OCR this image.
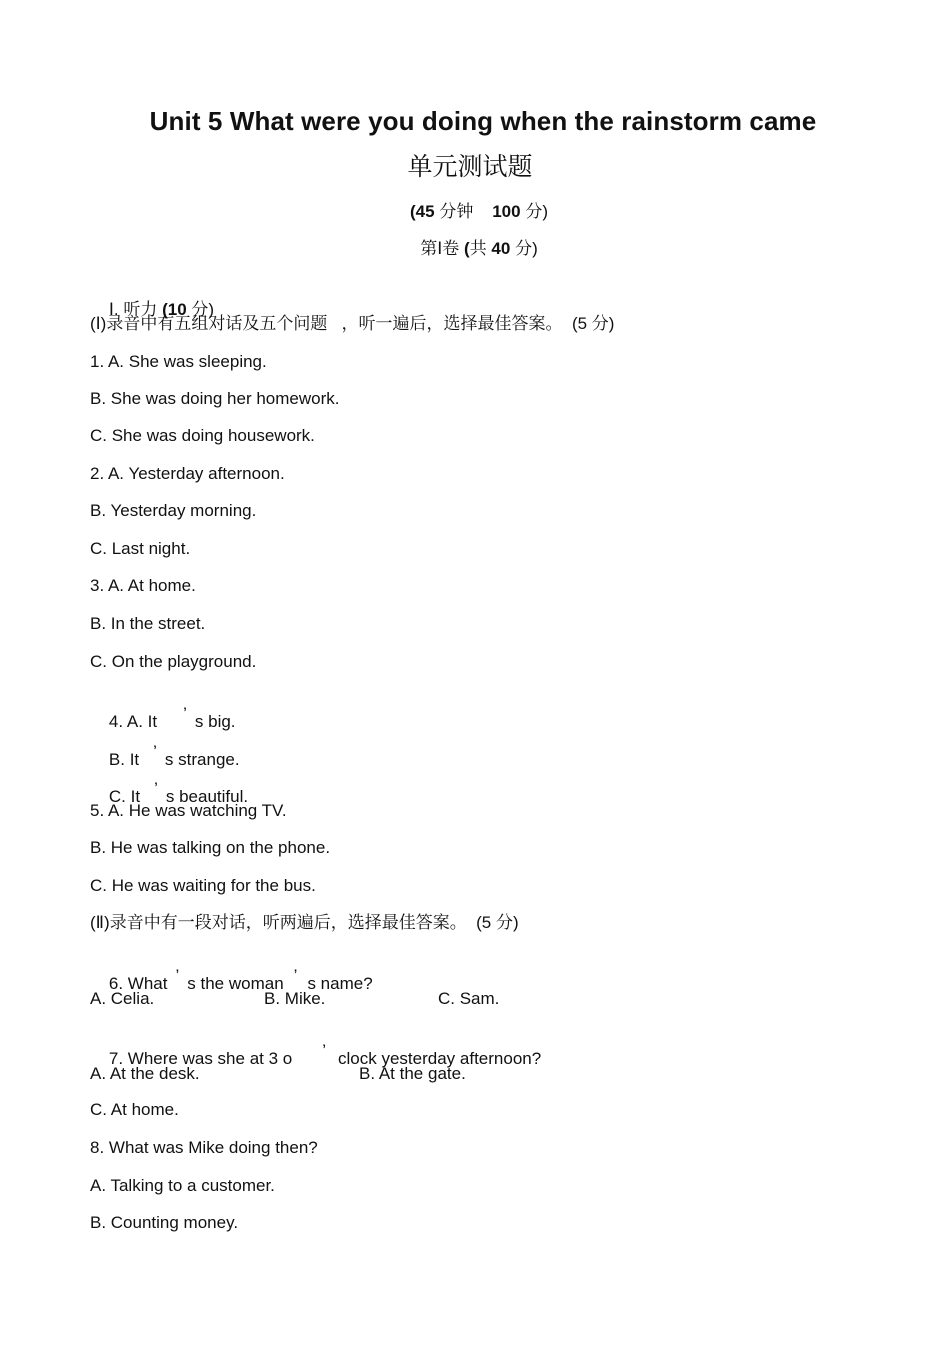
Unit 5 What were you doing when the rainstorm came
单元测试题
(45 分钟    100 分)
第Ⅰ卷 (共 40 分)

Ⅰ. 听力 (10 分)

(Ⅰ)录音中有五组对话及五个问题   ，听一遍后，选择最佳答案。  (5 分)
1. A. She was sleeping.
B. She was doing her homework.
C. She was doing housework.
2. A. Yesterday afternoon.
B. Yesterday morning.
C. Last night.
3. A. At home.
B. In the street.
C. On the playground.

4. A. It ’ s big.

B. It ’ s strange.

C. It ’ s beautiful.

5. A. He was watching TV.
B. He was talking on the phone.
C. He was waiting for the bus.
(Ⅱ)录音中有一段对话，听两遍后，选择最佳答案。  (5 分)

6. What ’ s the woman ’ s name?

A. Celia.	B. Mike.	C. Sam.

7. Where was she at 3 o ’ clock yesterday afternoon?

A. At the desk.	B. At the gate.
C. At home.
8. What was Mike doing then?
A. Talking to a customer.
B. Counting money.
